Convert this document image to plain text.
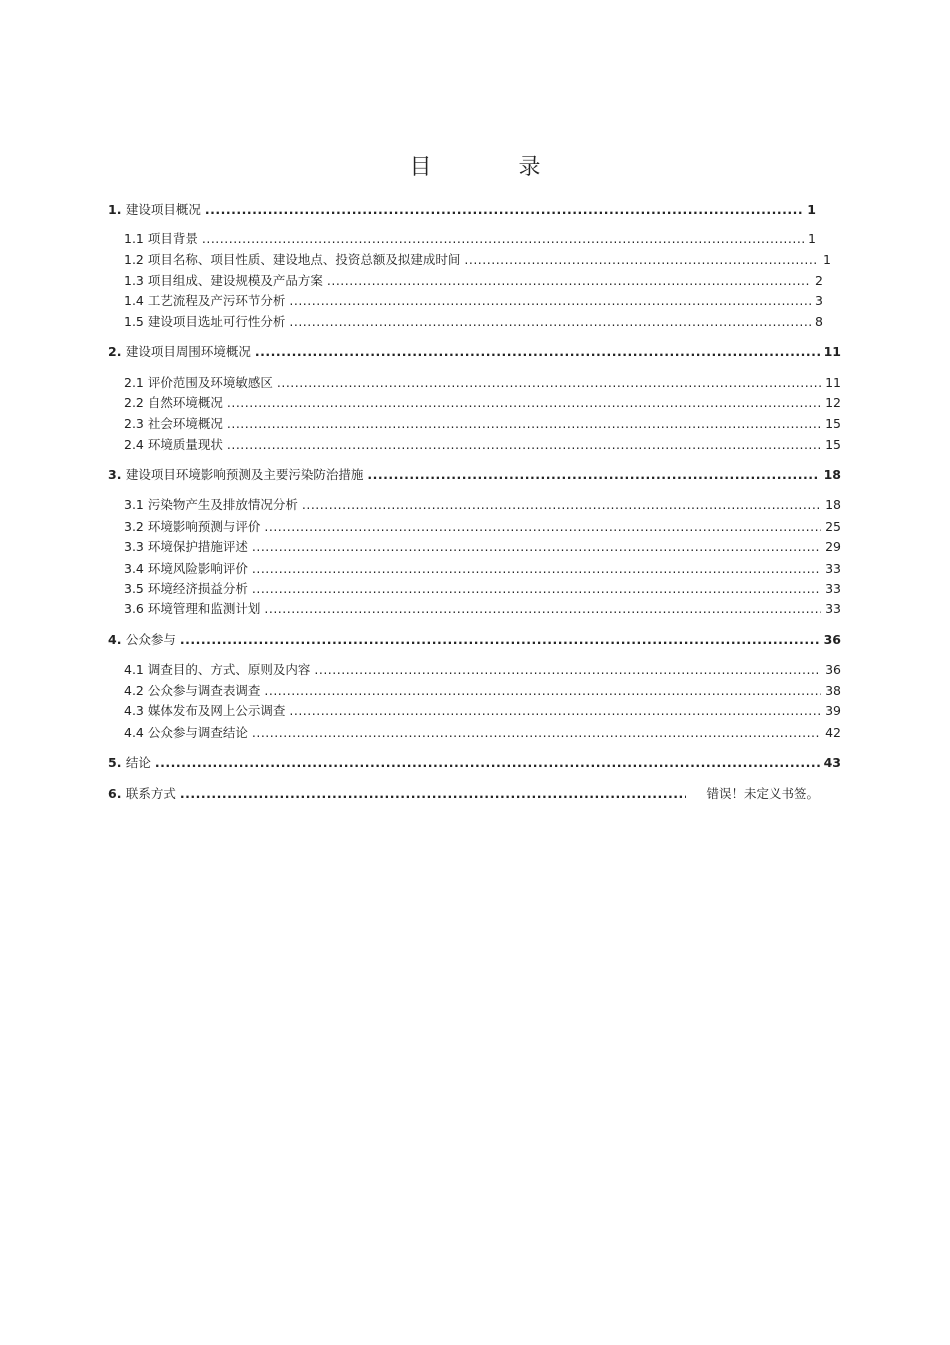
目 录
1. 建设项目概况 .....	1
1.1 项目背景 .....	1
1.2 项目名称、项目性质、建设地点、投资总额及拟建成时间 .....	1
1.3 项目组成、建设规模及产品方案 .....	2
1.4 工艺流程及产污环节分析 .....	3
1.5 建设项目选址可行性分析 .....	8
2. 建设项目周围环境概况 .....	11
2.1 评价范围及环境敏感区 .....	11
2.2 自然环境概况 .....	12
2.3 社会环境概况 .....	15
2.4 环境质量现状 .....	15
3. 建设项目环境影响预测及主要污染防治措施 .....	18
3.1 污染物产生及排放情况分析 .....	18
3.2 环境影响预测与评价 .....	25
3.3 环境保护措施评述 .....	29
3.4 环境风险影响评价 .....	33
3.5 环境经济损益分析 .....	33
3.6 环境管理和监测计划 .....	33
4. 公众参与 .....	36
4.1 调查目的、方式、原则及内容 .....	36
4.2 公众参与调查表调查 .....	38
4.3 媒体发布及网上公示调查 .....	39
4.4 公众参与调查结论 .....	42
5. 结论 .....	43
6. 联系方式 .....	错误！未定义书签。
